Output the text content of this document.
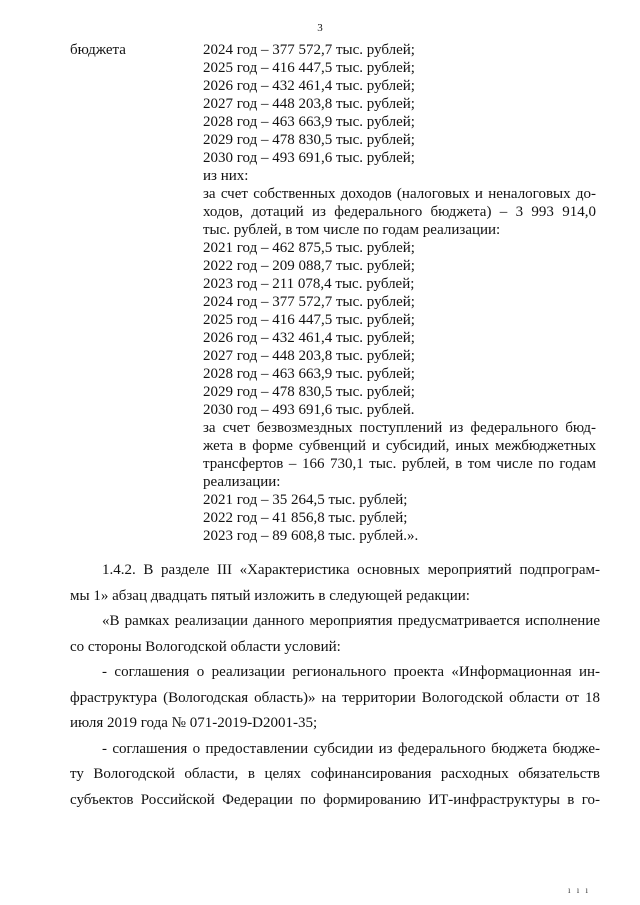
3
бюджета	2024 год – 377 572,7 тыс. рублей;
2025 год – 416 447,5 тыс. рублей;
2026 год – 432 461,4 тыс. рублей;
2027 год – 448 203,8 тыс. рублей;
2028 год – 463 663,9 тыс. рублей;
2029 год – 478 830,5 тыс. рублей;
2030 год – 493 691,6 тыс. рублей;
из них:
за счет собственных доходов (налоговых и неналоговых до-
ходов, дотаций из федерального бюджета) – 3 993 914,0
тыс. рублей, в том числе по годам реализации:
2021 год – 462 875,5 тыс. рублей;
2022 год – 209 088,7 тыс. рублей;
2023 год – 211 078,4 тыс. рублей;
2024 год – 377 572,7 тыс. рублей;
2025 год – 416 447,5 тыс. рублей;
2026 год – 432 461,4 тыс. рублей;
2027 год – 448 203,8 тыс. рублей;
2028 год – 463 663,9 тыс. рублей;
2029 год – 478 830,5 тыс. рублей;
2030 год – 493 691,6 тыс. рублей.
за счет безвозмездных поступлений из федерального бюд-
жета в форме субвенций и субсидий, иных межбюджетных
трансфертов – 166 730,1 тыс. рублей, в том числе по годам
реализации:
2021 год – 35 264,5 тыс. рублей;
2022 год – 41 856,8 тыс. рублей;
2023 год – 89 608,8 тыс. рублей.».
1.4.2. В разделе III «Характеристика основных мероприятий подпрограм-
мы 1» абзац двадцать пятый изложить в следующей редакции:
«В рамках реализации данного мероприятия предусматривается исполнение
со стороны Вологодской области условий:
- соглашения о реализации регионального проекта «Информационная ин-
фраструктура (Вологодская область)» на территории Вологодской области от 18
июля 2019 года № 071-2019-D2001-35;
- соглашения о предоставлении субсидии из федерального бюджета бюдже-
ту Вологодской области, в целях софинансирования расходных обязательств
субъектов Российской Федерации по формированию ИТ-инфраструктуры в го-
ı ı ı
